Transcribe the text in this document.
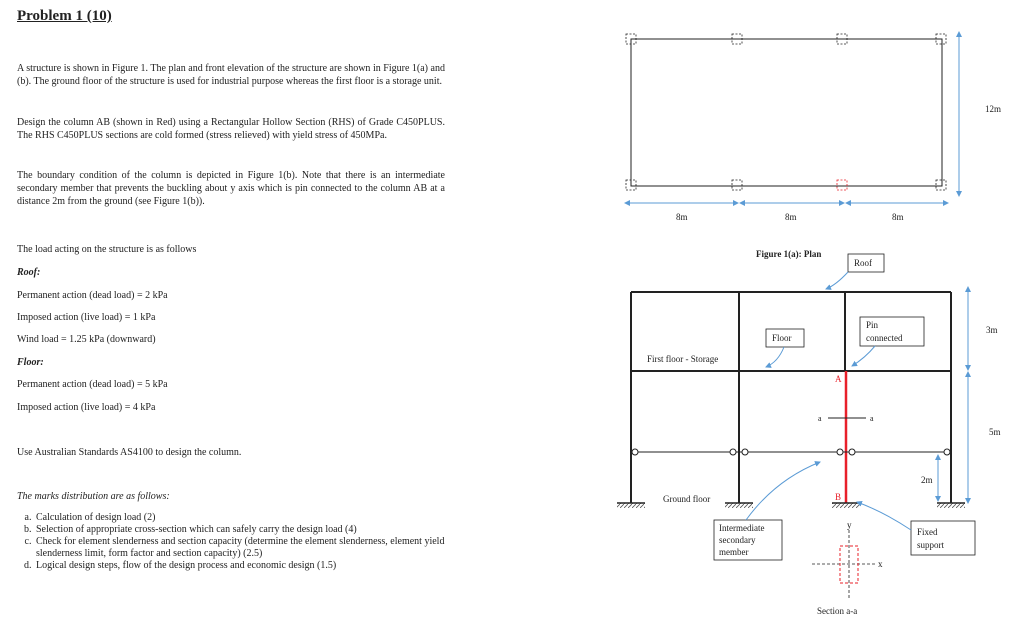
Problem 1 (10)
A structure is shown in Figure 1. The plan and front elevation of the structure are shown in Figure 1(a) and (b). The ground floor of the structure is used for industrial purpose whereas the first floor is a storage unit.
Design the column AB (shown in Red) using a Rectangular Hollow Section (RHS) of Grade C450PLUS. The RHS C450PLUS sections are cold formed (stress relieved) with yield stress of 450MPa.
The boundary condition of the column is depicted in Figure 1(b). Note that there is an intermediate secondary member that prevents the buckling about y axis which is pin connected to the column AB at a distance 2m from the ground (see Figure 1(b)).
The load acting on the structure is as follows
Roof:
Permanent action (dead load) = 2 kPa
Imposed action (live load) = 1 kPa
Wind load = 1.25 kPa (downward)
Floor:
Permanent action (dead load) = 5 kPa
Imposed action (live load) = 4 kPa
Use Australian Standards AS4100 to design the column.
The marks distribution are as follows:
a. Calculation of design load (2)
b. Selection of appropriate cross-section which can safely carry the design load (4)
c. Check for element slenderness and section capacity (determine the element slenderness, element yield slenderness limit, form factor and section capacity) (2.5)
d. Logical design steps, flow of the design process and economic design (1.5)
8m	8m	8m
12m
Figure 1(a): Plan
a	a
A
B
First floor - Storage
Ground floor
Roof
Floor
Pin
connected
Intermediate
secondary
member
Fixed
support
3m
5m
2m
x
y
Section a-a
